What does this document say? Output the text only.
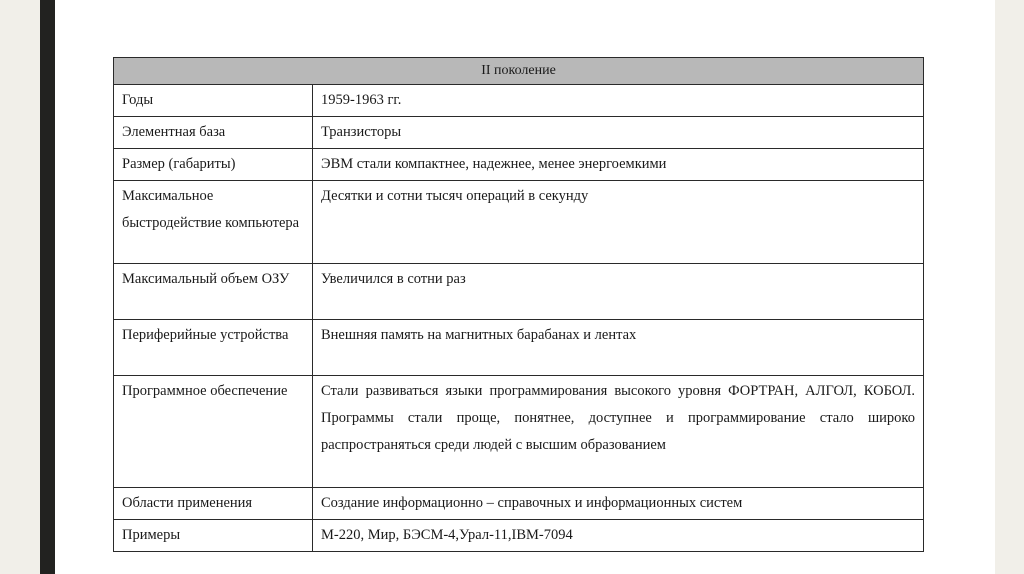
II поколение	
Годы	1959-1963 гг.
Элементная база	Транзисторы
Размер (габариты)	ЭВМ стали компактнее, надежнее, менее энергоемкими
Максимальное быстродействие компьютера	Десятки и сотни тысяч операций в секунду
Максимальный объем ОЗУ	Увеличился в сотни раз
Периферийные устройства	Внешняя память на магнитных барабанах и лентах
Программное обеспечение	Стали развиваться языки программирования высокого уровня ФОРТРАН, АЛГОЛ, КОБОЛ. Программы стали проще, понятнее, доступнее и программирование стало широко распространяться среди людей с высшим образованием
Области применения	Создание информационно – справочных и информационных систем
Примеры	М-220, Мир, БЭСМ-4,Урал-11,IBM-7094
